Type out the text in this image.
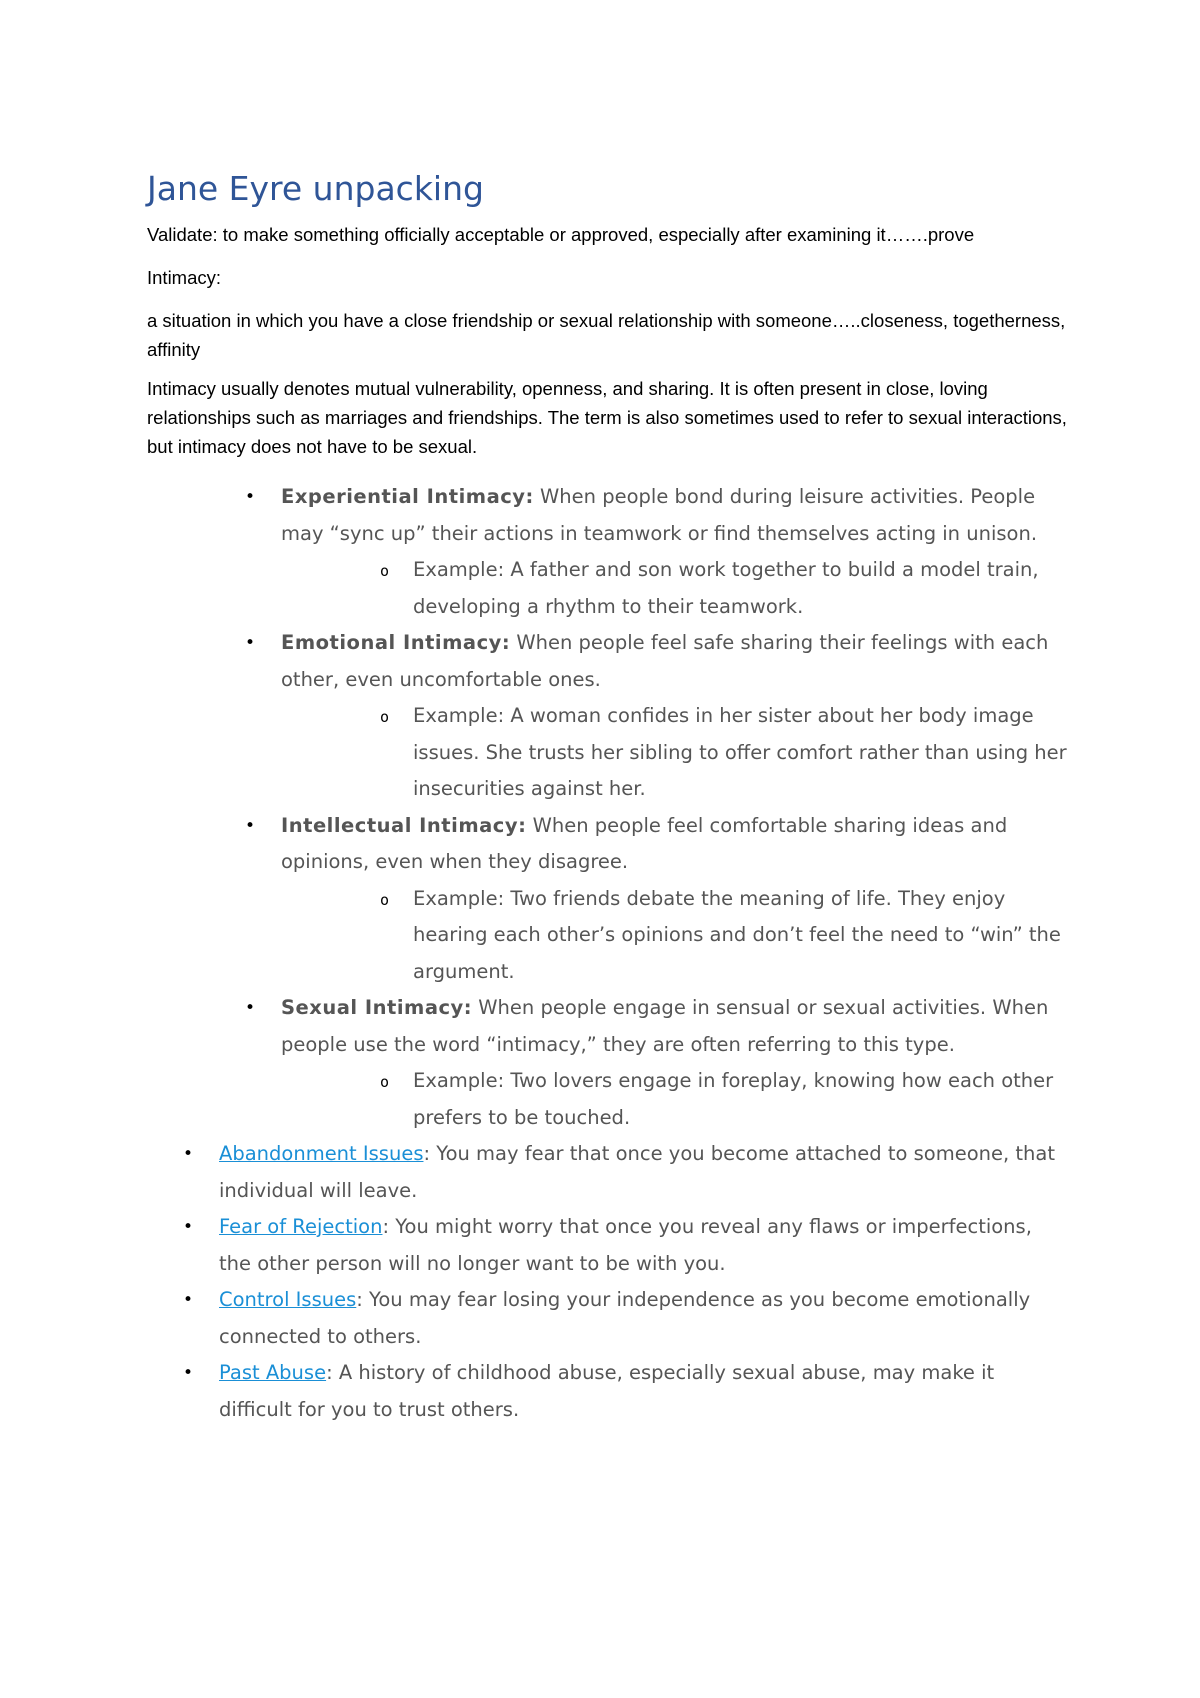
Jane Eyre unpacking

Validate: to make something officially acceptable or approved, especially after examining it…….prove

Intimacy:

a situation in which you have a close friendship or sexual relationship with someone…..closeness, togetherness, affinity

Intimacy usually denotes mutual vulnerability, openness, and sharing. It is often present in close, loving relationships such as marriages and friendships. The term is also sometimes used to refer to sexual interactions, but intimacy does not have to be sexual.

• Experiential Intimacy: When people bond during leisure activities. People may “sync up” their actions in teamwork or find themselves acting in unison.
o Example: A father and son work together to build a model train, developing a rhythm to their teamwork.
• Emotional Intimacy: When people feel safe sharing their feelings with each other, even uncomfortable ones.
o Example: A woman confides in her sister about her body image issues. She trusts her sibling to offer comfort rather than using her insecurities against her.
• Intellectual Intimacy: When people feel comfortable sharing ideas and opinions, even when they disagree.
o Example: Two friends debate the meaning of life. They enjoy hearing each other’s opinions and don’t feel the need to “win” the argument.
• Sexual Intimacy: When people engage in sensual or sexual activities. When people use the word “intimacy,” they are often referring to this type.
o Example: Two lovers engage in foreplay, knowing how each other prefers to be touched.
• Abandonment Issues: You may fear that once you become attached to someone, that individual will leave.
• Fear of Rejection: You might worry that once you reveal any flaws or imperfections, the other person will no longer want to be with you.
• Control Issues: You may fear losing your independence as you become emotionally connected to others.
• Past Abuse: A history of childhood abuse, especially sexual abuse, may make it difficult for you to trust others.
